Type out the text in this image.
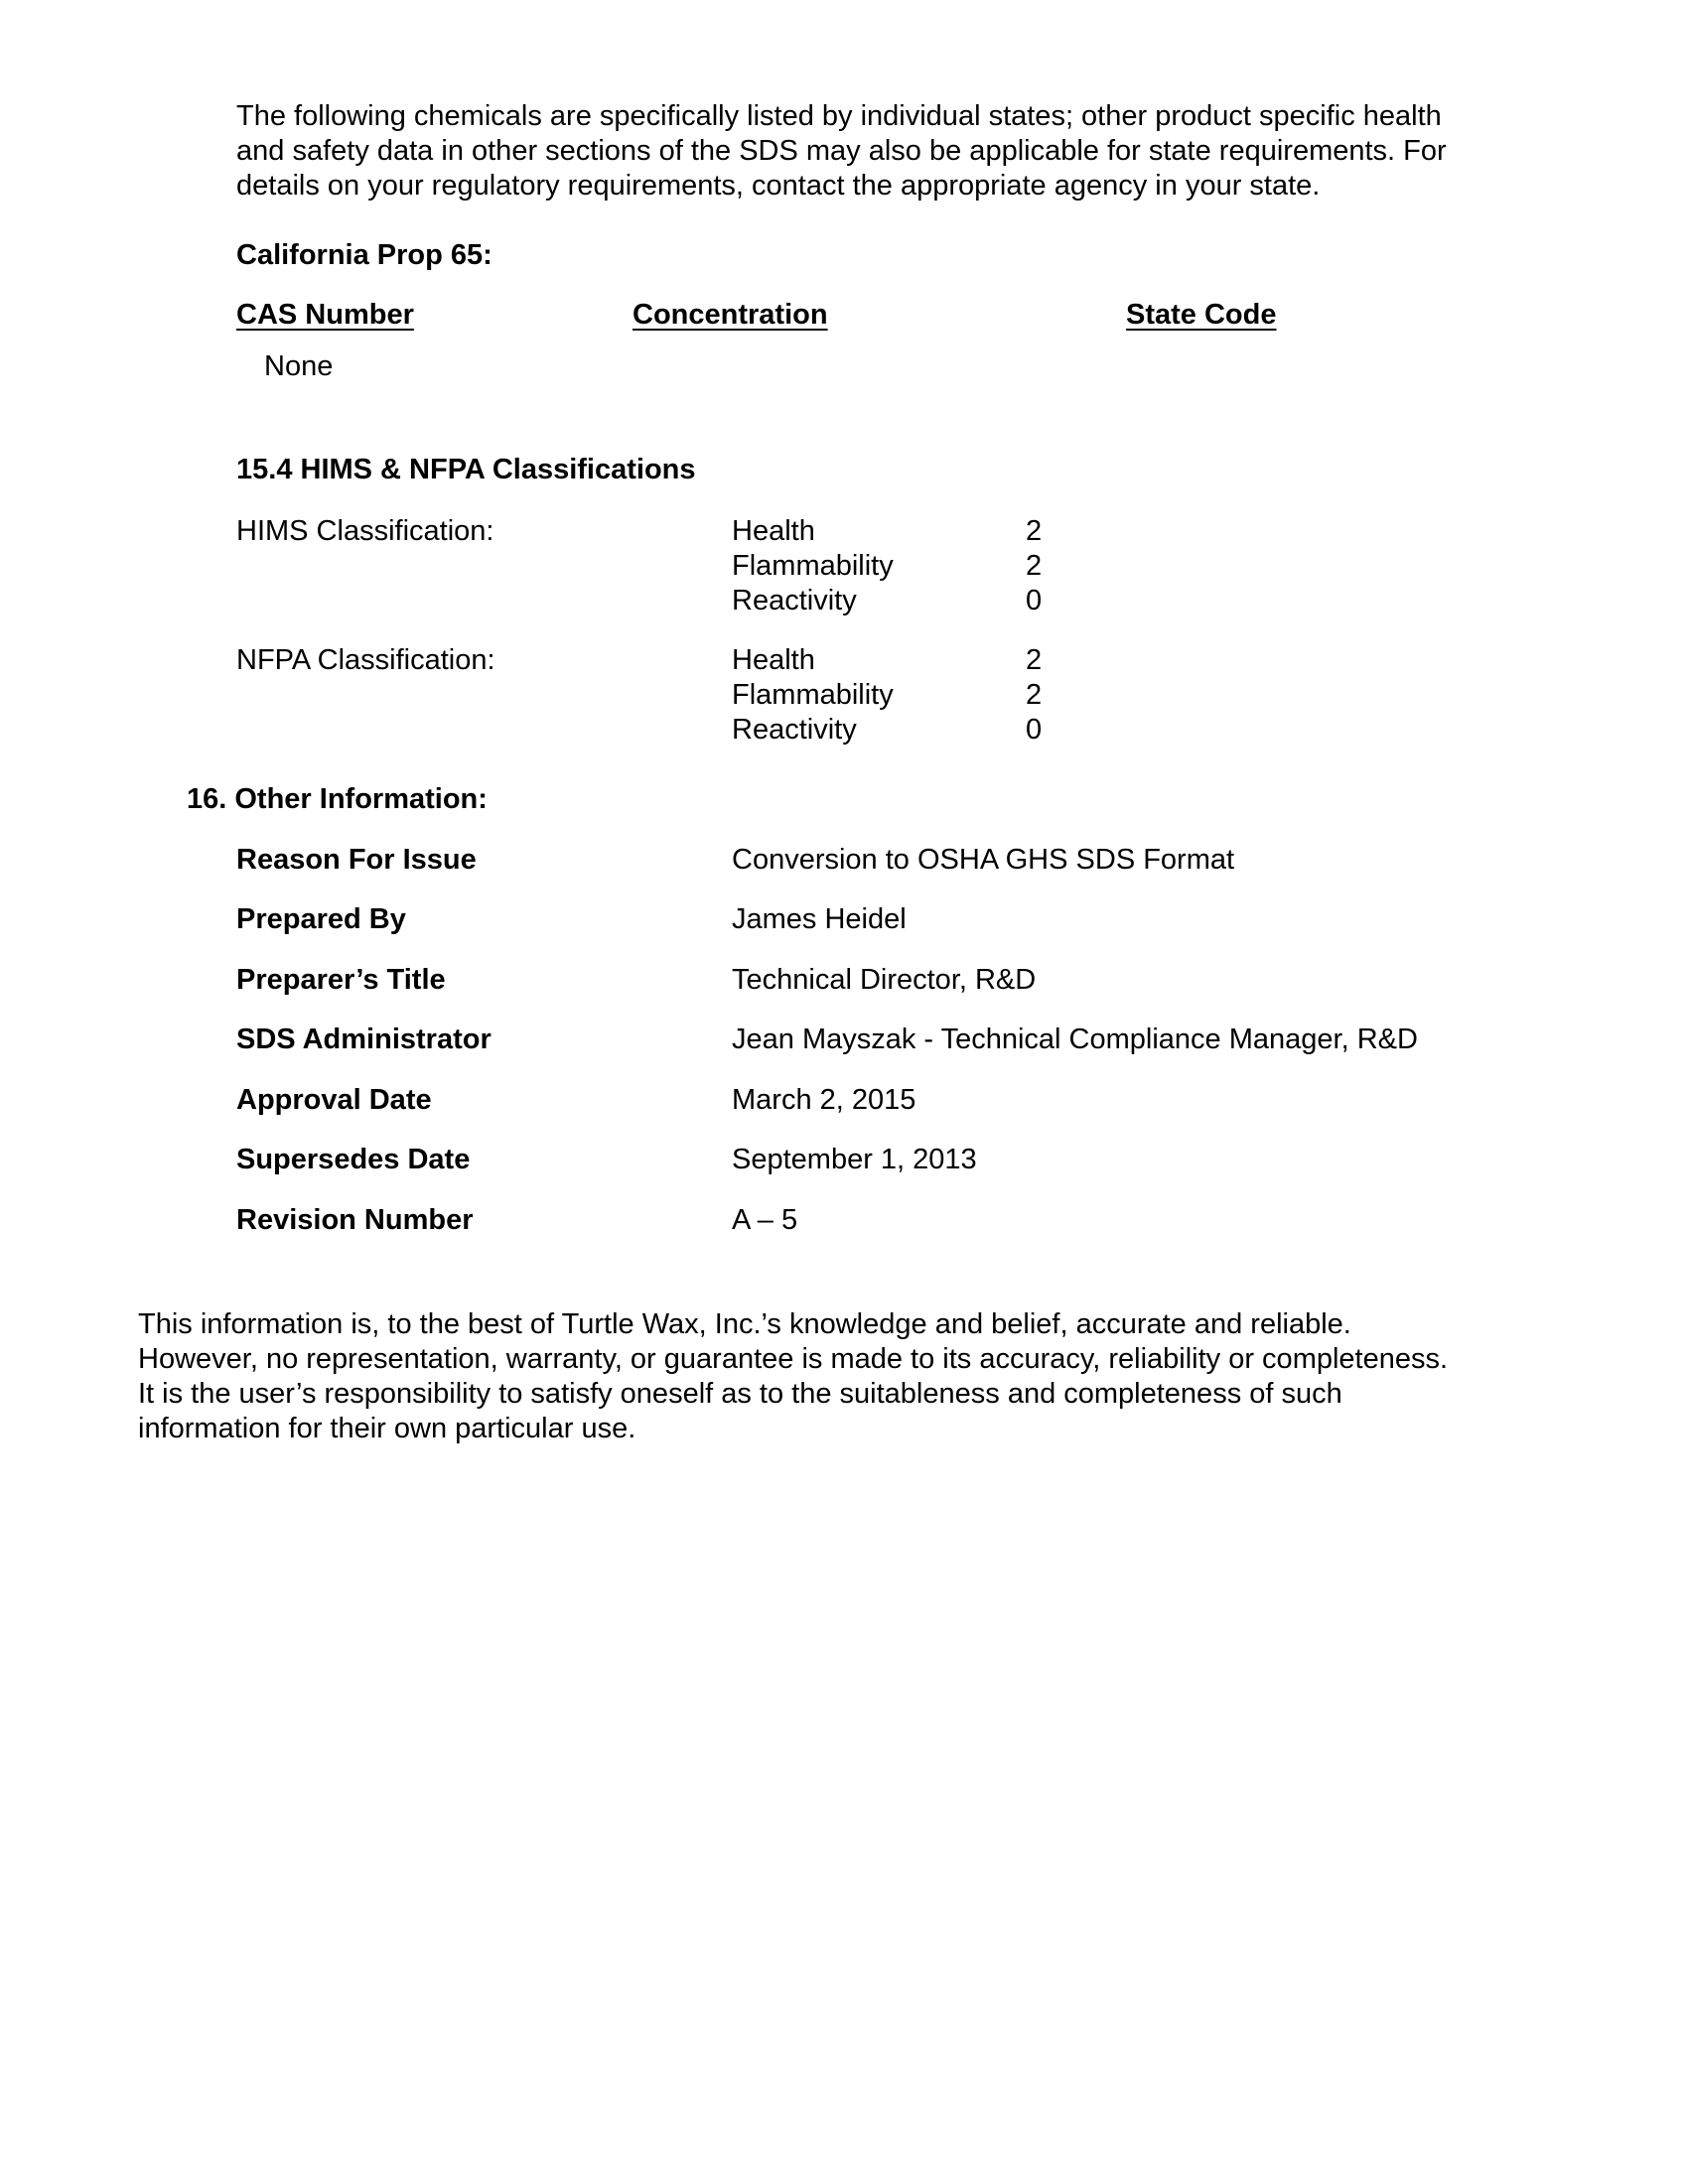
The following chemicals are specifically listed by individual states; other product specific health
and safety data in other sections of the SDS may also be applicable for state requirements. For
details on your regulatory requirements, contact the appropriate agency in your state.
California Prop 65:
CAS Number	Concentration	State Code
None
15.4 HIMS & NFPA Classifications
HIMS Classification:	Health	2
Flammability	2
Reactivity	0
NFPA Classification:	Health	2
Flammability	2
Reactivity	0
16. Other Information:
Reason For Issue	Conversion to OSHA GHS SDS Format
Prepared By	James Heidel
Preparer’s Title	Technical Director, R&D
SDS Administrator	Jean Mayszak - Technical Compliance Manager, R&D
Approval Date	March 2, 2015
Supersedes Date	September 1, 2013
Revision Number	A – 5
This information is, to the best of Turtle Wax, Inc.’s knowledge and belief, accurate and reliable.
However, no representation, warranty, or guarantee is made to its accuracy, reliability or completeness.
It is the user’s responsibility to satisfy oneself as to the suitableness and completeness of such
information for their own particular use.
